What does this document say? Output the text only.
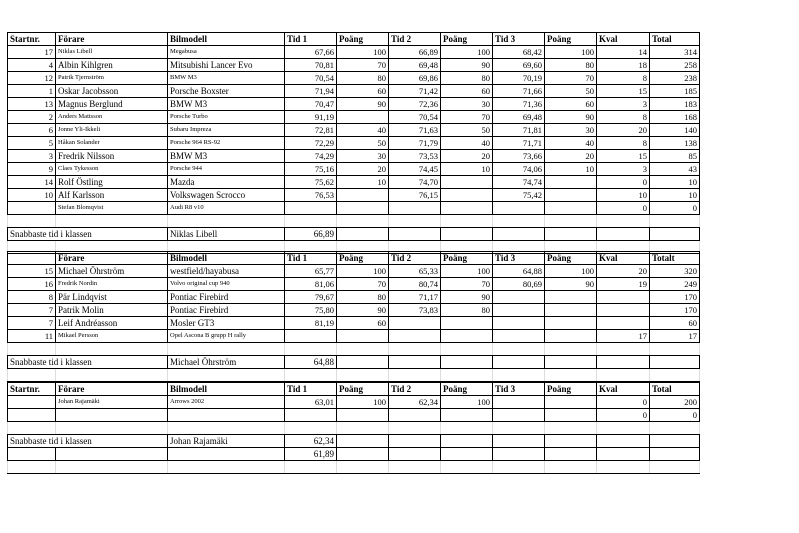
Startnr.	Förare	Bilmodell	Tid 1	Poäng	Tid 2	Poäng	Tid 3	Poäng	Kval	Total
17	Niklas Libell	Megabusa	67,66	100	66,89	100	68,42	100	14	314
4	Albin Kihlgren	Mitsubishi Lancer Evo	70,81	70	69,48	90	69,60	80	18	258
12	Patrik Tjernström	BMW M3	70,54	80	69,86	80	70,19	70	8	238
1	Oskar Jacobsson	Porsche Boxster	71,94	60	71,42	60	71,66	50	15	185
13	Magnus Berglund	BMW M3	70,47	90	72,36	30	71,36	60	3	183
2	Anders Mattsson	Porsche Turbo	91,19		70,54	70	69,48	90	8	168
6	Jonne Yli-Ikkeli	Subaru Impreza	72,81	40	71,63	50	71,81	30	20	140
5	Håkan Solander	Porsche 964 RS-92	72,29	50	71,79	40	71,71	40	8	138
3	Fredrik Nilsson	BMW M3	74,29	30	73,53	20	73,66	20	15	85
9	Claes Tykesson	Porsche 944	75,16	20	74,45	10	74,06	10	3	43
14	Rolf Östling	Mazda	75,62	10	74,70		74,74		0	10
10	Alf Karlsson	Volkswagen Scrocco	76,53		76,15		75,42		10	10
	Stefan Blomqvist	Audi R8 v10							0	0

Snabbaste tid i klassen		Niklas Libell	66,89							

	Förare	Bilmodell	Tid 1	Poäng	Tid 2	Poäng	Tid 3	Poäng	Kval	Totalt
15	Michael Öhrström	westfield/hayabusa	65,77	100	65,33	100	64,88	100	20	320
16	Fredrik Nordin	Volvo original cup 940	81,06	70	80,74	70	80,69	90	19	249
8	Pär Lindqvist	Pontiac Firebird	79,67	80	71,17	90				170
7	Patrik Molin	Pontiac Firebird	75,80	90	73,83	80				170
7	Leif Andréasson	Mosler GT3	81,19	60						60
11	Mikael Persson	Opel Ascona B grupp H rally							17	17

Snabbaste tid i klassen		Michael Öhrström	64,88							

Startnr.	Förare	Bilmodell	Tid 1	Poäng	Tid 2	Poäng	Tid 3	Poäng	Kval	Total
	Johan Rajamäki	Arrows 2002	63,01	100	62,34	100			0	200
									0	0

Snabbaste tid i klassen		Johan Rajamäki	62,34							
			61,89							
